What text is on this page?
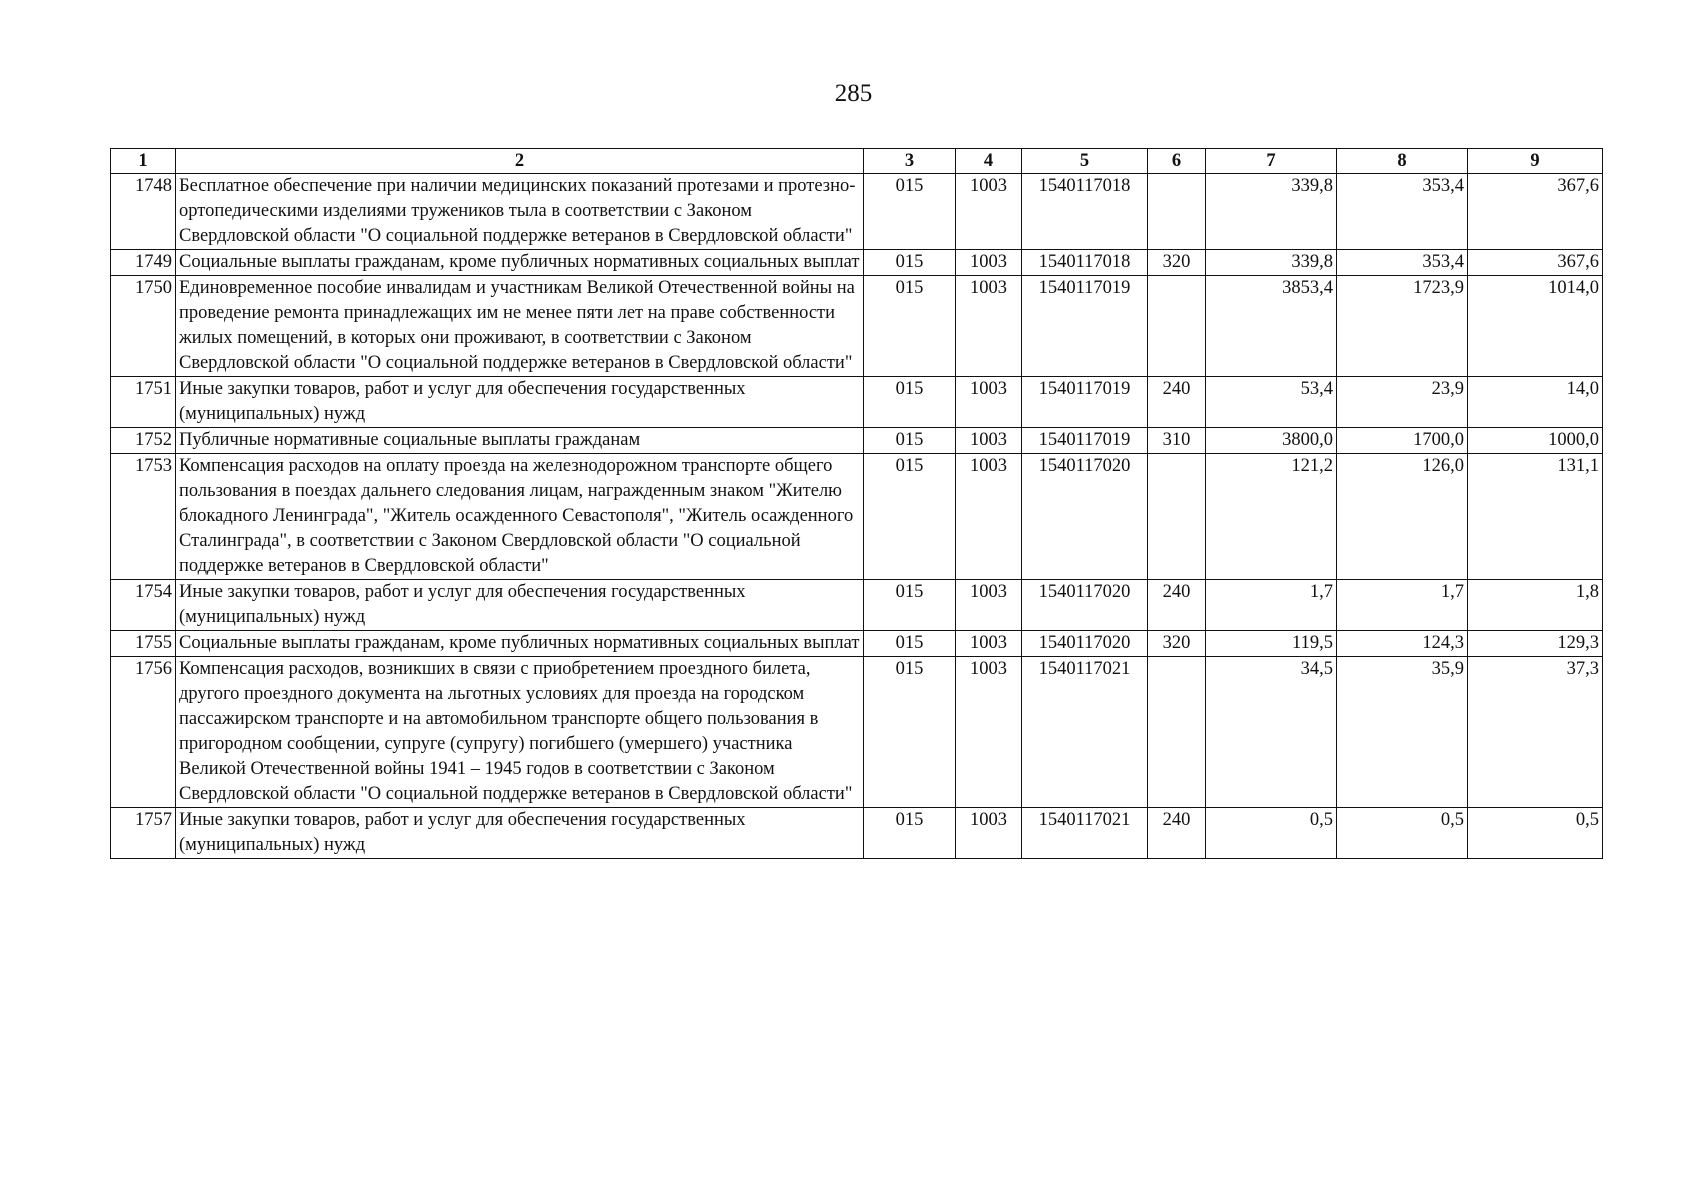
285
1	2	3	4	5	6	7	8	9
1748	Бесплатное обеспечение при наличии медицинских показаний протезами и протезно-ортопедическими изделиями тружеников тыла в соответствии с Законом Свердловской области "О социальной поддержке ветеранов в Свердловской области"	015	1003	1540117018		339,8	353,4	367,6
1749	Социальные выплаты гражданам, кроме публичных нормативных социальных выплат	015	1003	1540117018	320	339,8	353,4	367,6
1750	Единовременное пособие инвалидам и участникам Великой Отечественной войны на проведение ремонта принадлежащих им не менее пяти лет на праве собственности жилых помещений, в которых они проживают, в соответствии с Законом Свердловской области "О социальной поддержке ветеранов в Свердловской области"	015	1003	1540117019		3853,4	1723,9	1014,0
1751	Иные закупки товаров, работ и услуг для обеспечения государственных (муниципальных) нужд	015	1003	1540117019	240	53,4	23,9	14,0
1752	Публичные нормативные социальные выплаты гражданам	015	1003	1540117019	310	3800,0	1700,0	1000,0
1753	Компенсация расходов на оплату проезда на железнодорожном транспорте общего пользования в поездах дальнего следования лицам, награжденным знаком "Жителю блокадного Ленинграда", "Житель осажденного Севастополя", "Житель осажденного Сталинграда", в соответствии с Законом Свердловской области "О социальной поддержке ветеранов в Свердловской области"	015	1003	1540117020		121,2	126,0	131,1
1754	Иные закупки товаров, работ и услуг для обеспечения государственных (муниципальных) нужд	015	1003	1540117020	240	1,7	1,7	1,8
1755	Социальные выплаты гражданам, кроме публичных нормативных социальных выплат	015	1003	1540117020	320	119,5	124,3	129,3
1756	Компенсация расходов, возникших в связи с приобретением проездного билета, другого проездного документа на льготных условиях для проезда на городском пассажирском транспорте и на автомобильном транспорте общего пользования в пригородном сообщении, супруге (супругу) погибшего (умершего) участника Великой Отечественной войны 1941 – 1945 годов в соответствии с Законом Свердловской области "О социальной поддержке ветеранов в Свердловской области"	015	1003	1540117021		34,5	35,9	37,3
1757	Иные закупки товаров, работ и услуг для обеспечения государственных (муниципальных) нужд	015	1003	1540117021	240	0,5	0,5	0,5
